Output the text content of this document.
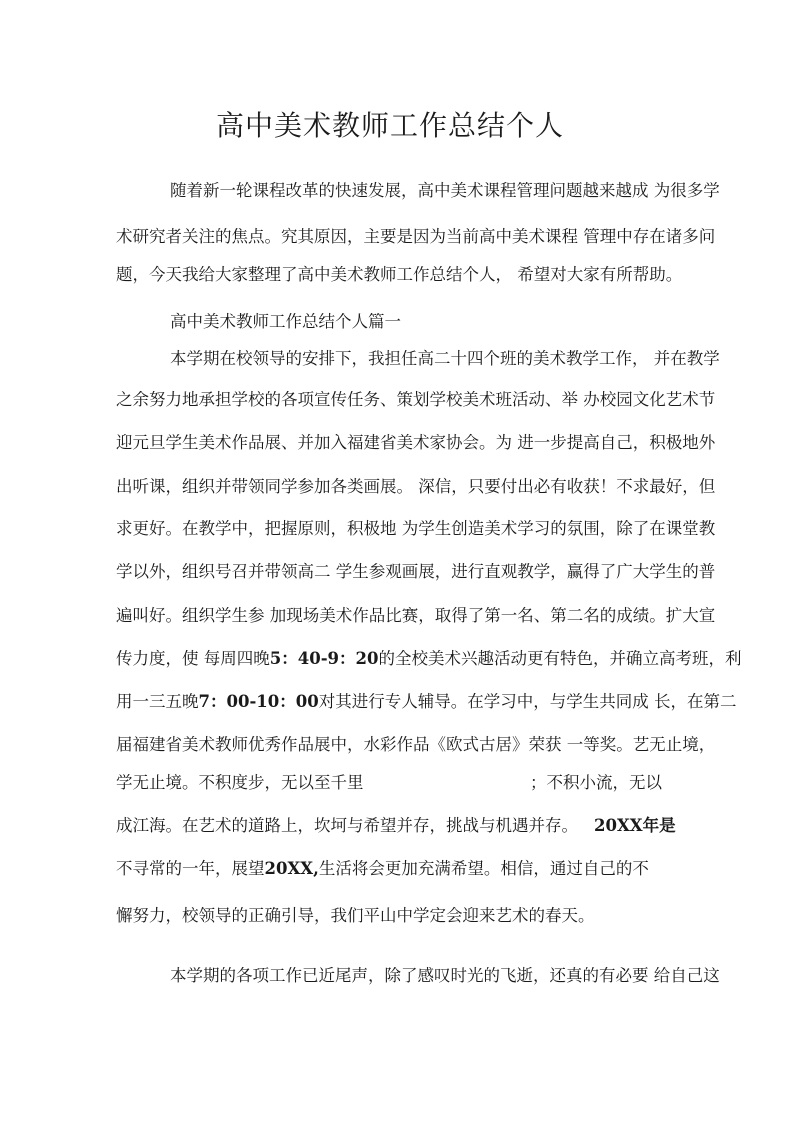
高中美术教师工作总结个人
随着新一轮课程改革的快速发展，高中美术课程管理问题越来越成 为很多学
术研究者关注的焦点。究其原因，主要是因为当前高中美术课程 管理中存在诸多问
题，今天我给大家整理了高中美术教师工作总结个人， 希望对大家有所帮助。
高中美术教师工作总结个人篇一
本学期在校领导的安排下，我担任高二十四个班的美术教学工作， 并在教学
之余努力地承担学校的各项宣传任务、策划学校美术班活动、举 办校园文化艺术节
迎元旦学生美术作品展、并加入福建省美术家协会。为 进一步提高自己，积极地外
出听课，组织并带领同学参加各类画展。 深信，只要付出必有收获！不求最好，但
求更好。在教学中，把握原则，积极地 为学生创造美术学习的氛围，除了在课堂教
学以外，组织号召并带领高二 学生参观画展，进行直观教学，赢得了广大学生的普
遍叫好。组织学生参 加现场美术作品比赛，取得了第一名、第二名的成绩。扩大宣
传力度，使 每周四晚5：40-9：20的全校美术兴趣活动更有特色，并确立高考班，利
用一三五晚7：00-10：00对其进行专人辅导。在学习中，与学生共同成 长，在第二
届福建省美术教师优秀作品展中，水彩作品《欧式古居》荣获 一等奖。艺无止境，
学无止境。不积度步，无以至千里	；不积小流，无以
成江海。在艺术的道路上，坎坷与希望并存，挑战与机遇并存。 20XX年是
不寻常的一年，展望20XX,生活将会更加充满希望。相信，通过自己的不
懈努力，校领导的正确引导，我们平山中学定会迎来艺术的春天。
本学期的各项工作已近尾声，除了感叹时光的飞逝，还真的有必要 给自己这
